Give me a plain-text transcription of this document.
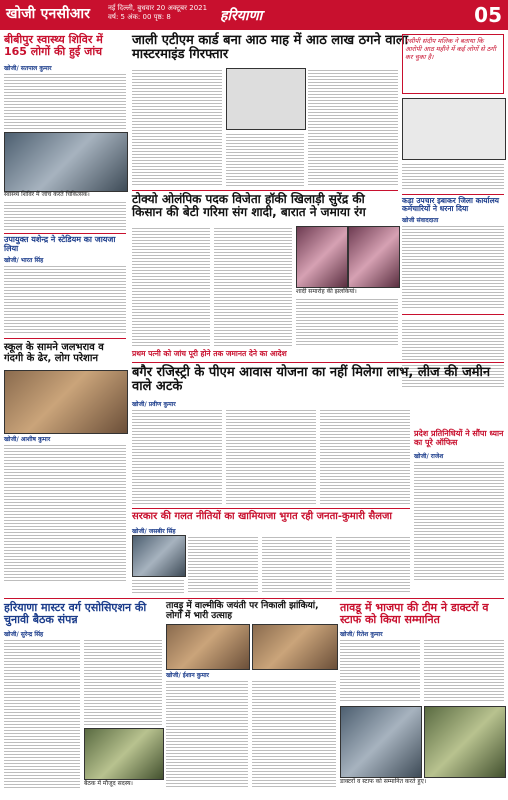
खोजी एनसीआर	नई दिल्ली, बुधवार 20 अक्टूबर 2021
वर्ष: 5 अंक: 00 पृष्ठ: 8	हरियाणा	05
बीबीपुर स्वास्थ्य शिविर में 165 लोगों की हुई जांच
खोजी/ सतपाल कुमार
स्वास्थ्य शिविर में जांच करते चिकित्सक।
उपायुक्त यशेन्द्र ने स्टेडियम का जायजा लिया
खोजी/ भारत सिंह
स्कूल के सामने जलभराव व गंदगी के ढेर, लोग परेशान
खोजी/ आशीष कुमार
जाली एटीएम कार्ड बना आठ माह में आठ लाख ठगने वाला मास्टरमाइंड गिरफ्तार
एसीपी संदीप मलिक ने बताया कि आरोपी आठ महीने में कई लोगों से ठगी कर चुका है।
कड़ा उपचार इबाकर जिला कार्यालय कर्मचारियों ने धरना दिया
खोजी संवाददाता
टोक्यो ओलंपिक पदक विजेता हॉकी खिलाड़ी सुरेंद्र की किसान की बेटी गरिमा संग शादी, बारात ने जमाया रंग
शादी समारोह की झलकियां।
प्रथम पत्नी को जांच पूरी होने तक जमानत देने का आदेश
बगैर रजिस्ट्री के पीएम आवास योजना का नहीं मिलेगा लाभ, लीज की जमीन वाले अटके
खोजी/ प्रवीण कुमार
प्रदेश प्रतिनिधियों ने सौंपा ध्यान का पूरे ऑफिस
खोजी/ राजेश
सरकार की गलत नीतियों का खामियाजा भुगत रही जनता-कुमारी सैलजा
खोजी/ जसबीर सिंह
हरियाणा मास्टर वर्ग एसोसिएशन की चुनावी बैठक संपन्न
खोजी/ सुरेन्द्र सिंह
बैठक में मौजूद सदस्य।
तावड़ू में वाल्मीकि जयंती पर निकाली झांकियां, लोगों में भारी उत्साह
खोजी/ ईशान कुमार
तावडू में भाजपा की टीम ने डाक्टरों व स्टाफ को किया सम्मानित
खोजी/ रितेश कुमार
डाक्टरों व स्टाफ को सम्मानित करते हुए।
